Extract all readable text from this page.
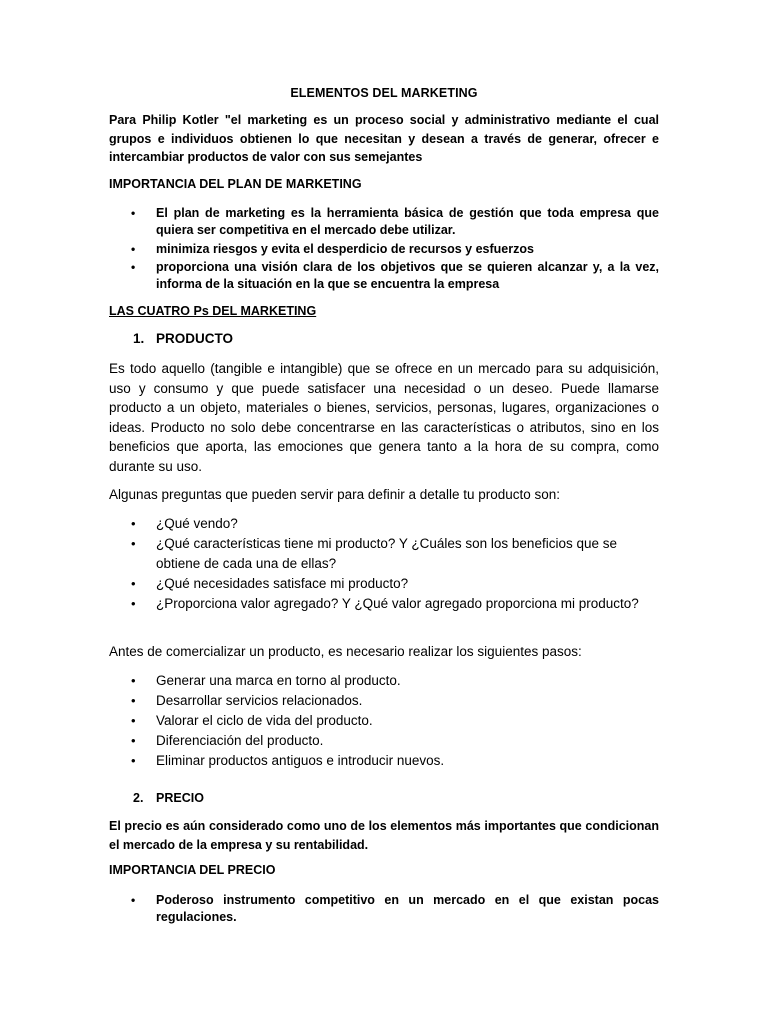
ELEMENTOS DEL MARKETING
Para Philip Kotler "el marketing es un proceso social y administrativo mediante el cual grupos e individuos obtienen lo que necesitan y desean a través de generar, ofrecer e intercambiar productos de valor con sus semejantes
IMPORTANCIA DEL PLAN DE MARKETING
• El plan de marketing es la herramienta básica de gestión que toda empresa que quiera ser competitiva en el mercado debe utilizar.
• minimiza riesgos y evita el desperdicio de recursos y esfuerzos
• proporciona una visión clara de los objetivos que se quieren alcanzar y, a la vez, informa de la situación en la que se encuentra la empresa
LAS CUATRO Ps DEL MARKETING
1. PRODUCTO
Es todo aquello (tangible e intangible) que se ofrece en un mercado para su adquisición, uso y consumo y que puede satisfacer una necesidad o un deseo. Puede llamarse producto a un objeto, materiales o bienes, servicios, personas, lugares, organizaciones o ideas. Producto no solo debe concentrarse en las características o atributos, sino en los beneficios que aporta, las emociones que genera tanto a la hora de su compra, como durante su uso.
Algunas preguntas que pueden servir para definir a detalle tu producto son:
• ¿Qué vendo?
• ¿Qué características tiene mi producto? Y ¿Cuáles son los beneficios que se obtiene de cada una de ellas?
• ¿Qué necesidades satisface mi producto?
• ¿Proporciona valor agregado? Y ¿Qué valor agregado proporciona mi producto?
Antes de comercializar un producto, es necesario realizar los siguientes pasos:
• Generar una marca en torno al producto.
• Desarrollar servicios relacionados.
• Valorar el ciclo de vida del producto.
• Diferenciación del producto.
• Eliminar productos antiguos e introducir nuevos.
2. PRECIO
El precio es aún considerado como uno de los elementos más importantes que condicionan el mercado de la empresa y su rentabilidad.
IMPORTANCIA DEL PRECIO
• Poderoso instrumento competitivo en un mercado en el que existan pocas regulaciones.
